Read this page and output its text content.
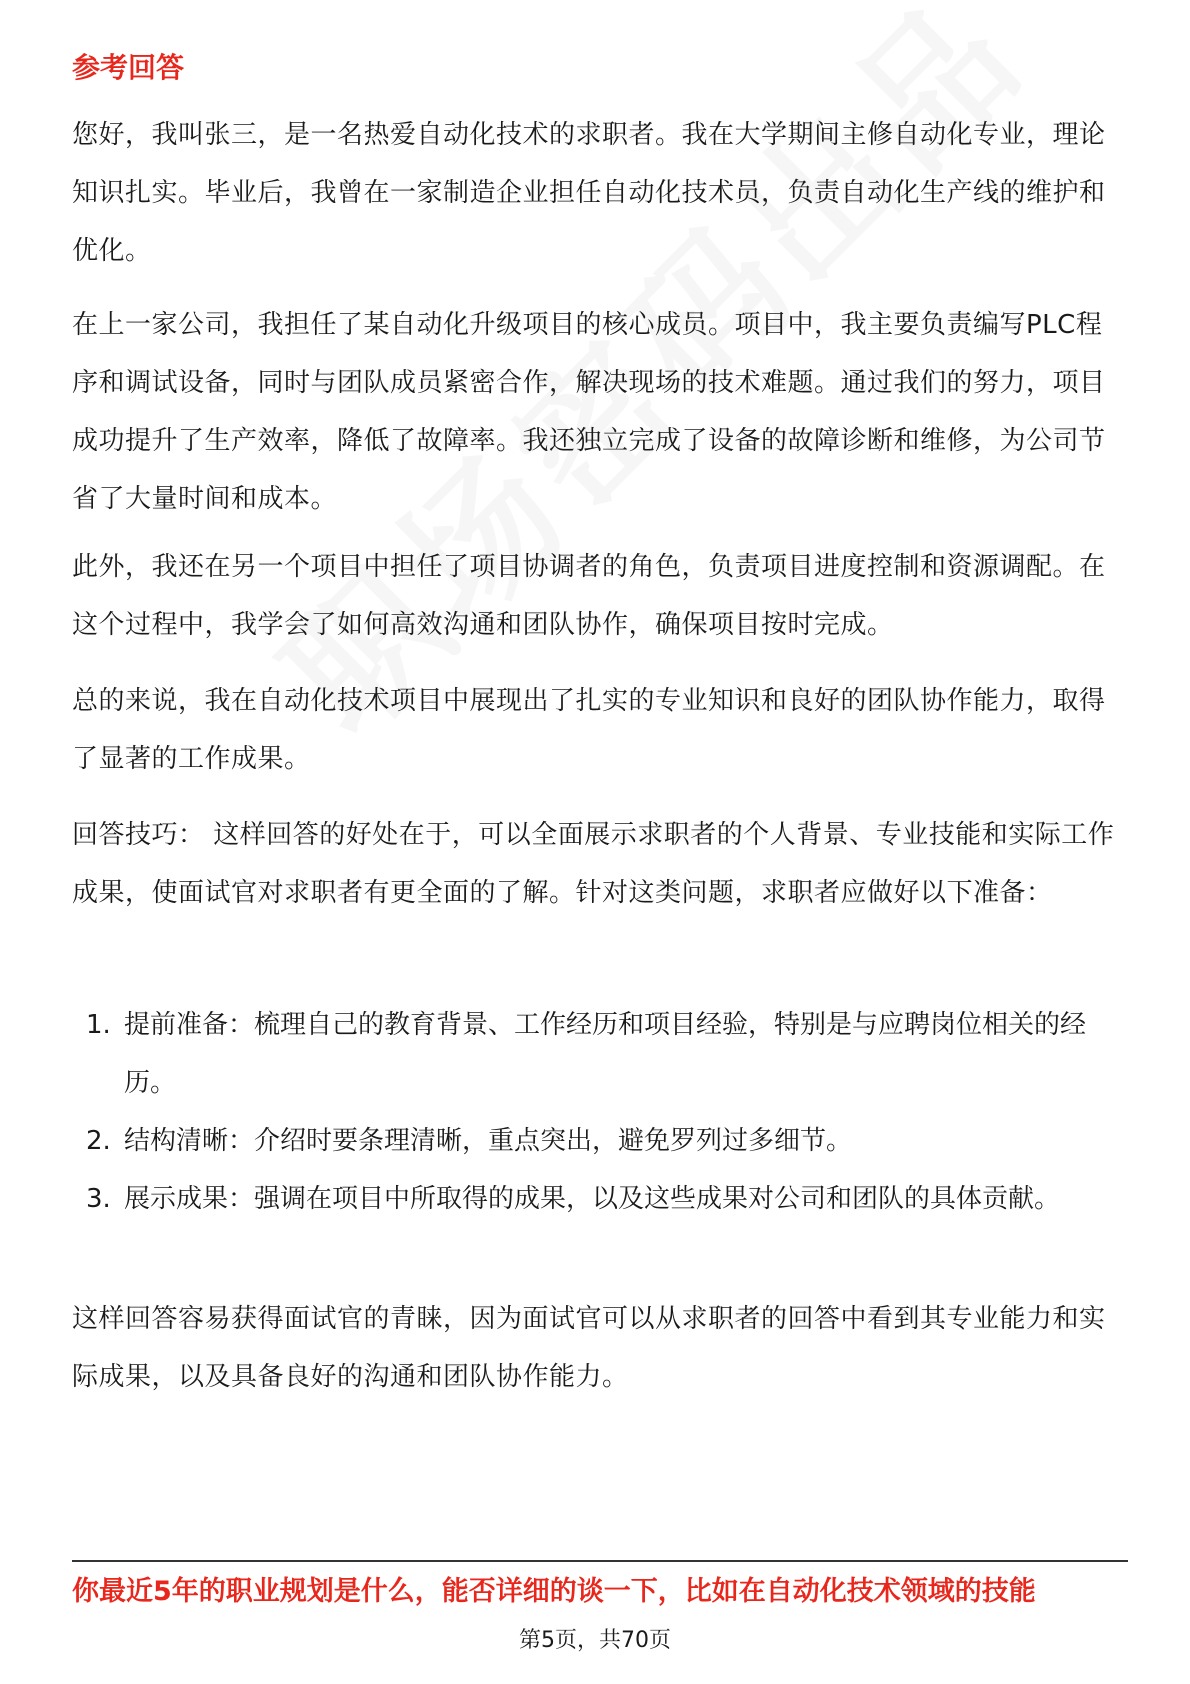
参考回答

您好，我叫张三，是一名热爱自动化技术的求职者。我在大学期间主修自动化专业，理论知识扎实。毕业后，我曾在一家制造企业担任自动化技术员，负责自动化生产线的维护和优化。

在上一家公司，我担任了某自动化升级项目的核心成员。项目中，我主要负责编写PLC程序和调试设备，同时与团队成员紧密合作，解决现场的技术难题。通过我们的努力，项目成功提升了生产效率，降低了故障率。我还独立完成了设备的故障诊断和维修，为公司节省了大量时间和成本。

此外，我还在另一个项目中担任了项目协调者的角色，负责项目进度控制和资源调配。在这个过程中，我学会了如何高效沟通和团队协作，确保项目按时完成。

总的来说，我在自动化技术项目中展现出了扎实的专业知识和良好的团队协作能力，取得了显著的工作成果。

回答技巧： 这样回答的好处在于，可以全面展示求职者的个人背景、专业技能和实际工作成果，使面试官对求职者有更全面的了解。针对这类问题，求职者应做好以下准备：

1. 提前准备：梳理自己的教育背景、工作经历和项目经验，特别是与应聘岗位相关的经历。
2. 结构清晰：介绍时要条理清晰，重点突出，避免罗列过多细节。
3. 展示成果：强调在项目中所取得的成果，以及这些成果对公司和团队的具体贡献。

这样回答容易获得面试官的青睐，因为面试官可以从求职者的回答中看到其专业能力和实际成果，以及具备良好的沟通和团队协作能力。

你最近5年的职业规划是什么，能否详细的谈一下，比如在自动化技术领域的技能
第5页，共70页
